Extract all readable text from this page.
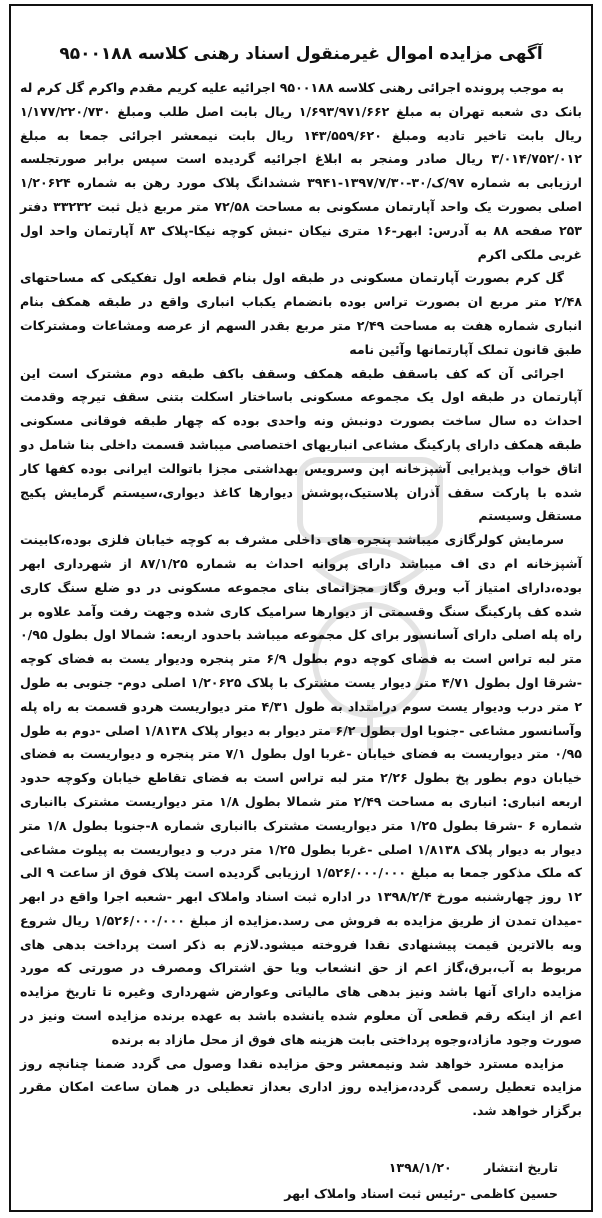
آگهی مزایده اموال غیرمنقول اسناد رهنی کلاسه ۹۵۰۰۱۸۸

به موجب پرونده اجرائی رهنی کلاسه ۹۵۰۰۱۸۸ اجرائیه علیه کریم مقدم واکرم گل کرم له بانک دی شعبه تهران به مبلغ ۱/۶۹۳/۹۷۱/۶۶۲ ریال بابت اصل طلب ومبلغ ۱/۱۷۷/۲۲۰/۷۳۰ ریال بابت تاخیر تادیه ومبلغ ۱۴۳/۵۵۹/۶۲۰ ریال بابت نیمعشر اجرائی جمعا به مبلغ ۳/۰۱۴/۷۵۲/۰۱۲ ریال صادر ومنجر به ابلاغ اجرائیه گردیده است سپس برابر صورتجلسه ارزیابی به شماره ۹۷/ک/۳۰-۱۳۹۷/۷/۳۰-۳۹۴۱ ششدانگ پلاک مورد رهن به شماره ۱/۲۰۶۲۴ اصلی بصورت یک واحد آپارتمان مسکونی به مساحت ۷۲/۵۸ متر مربع ذیل ثبت ۳۳۲۳۲ دفتر ۲۵۳ صفحه ۸۸ به آدرس: ابهر-۱۶ متری نیکان -نبش کوچه نیکا-پلاک ۸۳ آپارتمان واحد اول غربی ملکی اکرم

گل کرم بصورت آپارتمان مسکونی در طبقه اول بنام قطعه اول تفکیکی که مساحتهای ۲/۴۸ متر مربع ان بصورت تراس بوده بانضمام یکباب انباری واقع در طبقه همکف بنام انباری شماره هفت به مساحت ۲/۴۹ متر مربع بقدر السهم از عرصه ومشاعات ومشترکات طبق قانون تملک آپارتمانها وآئین نامه

اجرائی آن که کف باسقف طبقه همکف وسقف باکف طبقه دوم مشترک است این آپارتمان در طبقه اول یک مجموعه مسکونی باساختار اسکلت بتنی سقف تیرچه وقدمت احداث ده سال ساخت بصورت دونبش ونه واحدی بوده که چهار طبقه فوقانی مسکونی طبقه همکف دارای پارکینگ مشاعی انباریهای اختصاصی میباشد قسمت داخلی بنا شامل دو اتاق خواب وپذیرایی آشپزخانه اپن وسرویس بهداشتی مجزا باتوالت ایرانی بوده کفها کار شده با پارکت سقف آذران پلاستیک،پوشش دیوارها کاغذ دیواری،سیستم گرمایش پکیج مستقل وسیستم

سرمایش کولرگازی میباشد پنجره های داخلی مشرف به کوچه خیابان فلزی بوده،کابینت آشپزخانه ام دی اف میباشد دارای پروانه احداث به شماره ۸۷/۱/۲۵ از شهرداری ابهر بوده،دارای امتیاز آب وبرق وگاز مجزانمای بنای مجموعه مسکونی در دو ضلع سنگ کاری شده کف پارکینگ سنگ وقسمتی از دیوارها سرامیک کاری شده وجهت رفت وآمد علاوه بر راه پله اصلی دارای آسانسور برای کل مجموعه میباشد باحدود اربعه: شمالا اول بطول ۰/۹۵ متر لبه تراس است به فضای کوچه دوم بطول ۶/۹ متر پنجره ودیوار یست به فضای کوچه -شرقا اول بطول ۴/۷۱ متر دیوار یست مشترک با پلاک ۱/۲۰۶۲۵ اصلی دوم- جنوبی به طول ۲ متر درب ودیوار یست سوم درامتداد به طول ۴/۳۱ متر دیواریست هردو قسمت به راه پله وآسانسور مشاعی -جنوبا اول بطول ۶/۲ متر دیوار به دیوار پلاک ۱/۸۱۳۸ اصلی -دوم به طول ۰/۹۵ متر دیواریست به فضای خیابان -غربا اول بطول ۷/۱ متر پنجره و دیواریست به فضای خیابان دوم بطور پخ بطول ۲/۲۶ متر لبه تراس است به فضای تقاطع خیابان وکوچه حدود اربعه انباری: انباری به مساحت ۲/۴۹ متر شمالا بطول ۱/۸ متر دیواریست مشترک باانباری شماره ۶ -شرقا بطول ۱/۲۵ متر دیواریست مشترک باانباری شماره ۸-جنوبا بطول ۱/۸ متر دیوار به دیوار پلاک ۱/۸۱۳۸ اصلی -غربا بطول ۱/۲۵ متر درب و دیواریست به پیلوت مشاعی که ملک مذکور جمعا به مبلغ ۱/۵۲۶/۰۰۰/۰۰۰ ارزیابی گردیده است پلاک فوق از ساعت ۹ الی ۱۲ روز چهارشنبه مورخ ۱۳۹۸/۲/۴ در اداره ثبت اسناد واملاک ابهر -شعبه اجرا واقع در ابهر -میدان تمدن از طریق مزایده به فروش می رسد.مزایده از مبلغ ۱/۵۲۶/۰۰۰/۰۰۰ ریال شروع وبه بالاترین قیمت پیشنهادی نقدا فروخته میشود.لازم به ذکر است پرداخت بدهی های مربوط به آب،برق،گاز اعم از حق انشعاب ویا حق اشتراک ومصرف در صورتی که مورد مزایده دارای آنها باشد ونیز بدهی های مالیاتی وعوارض شهرداری وغیره تا تاریخ مزایده اعم از اینکه رقم قطعی آن معلوم شده یانشده باشد به عهده برنده مزایده است ونیز در صورت وجود مازاد،وجوه پرداختی بابت هزینه های فوق از محل مازاد به برنده

مزایده مسترد خواهد شد ونیمعشر وحق مزایده نقدا وصول می گردد ضمنا چنانچه روز مزایده تعطیل رسمی گردد،مزایده روز اداری بعداز تعطیلی در همان ساعت امکان مقرر برگزار خواهد شد.

تاریخ انتشار ۱۳۹۸/۱/۲۰
حسین کاظمی -رئیس ثبت اسناد واملاک ابهر
